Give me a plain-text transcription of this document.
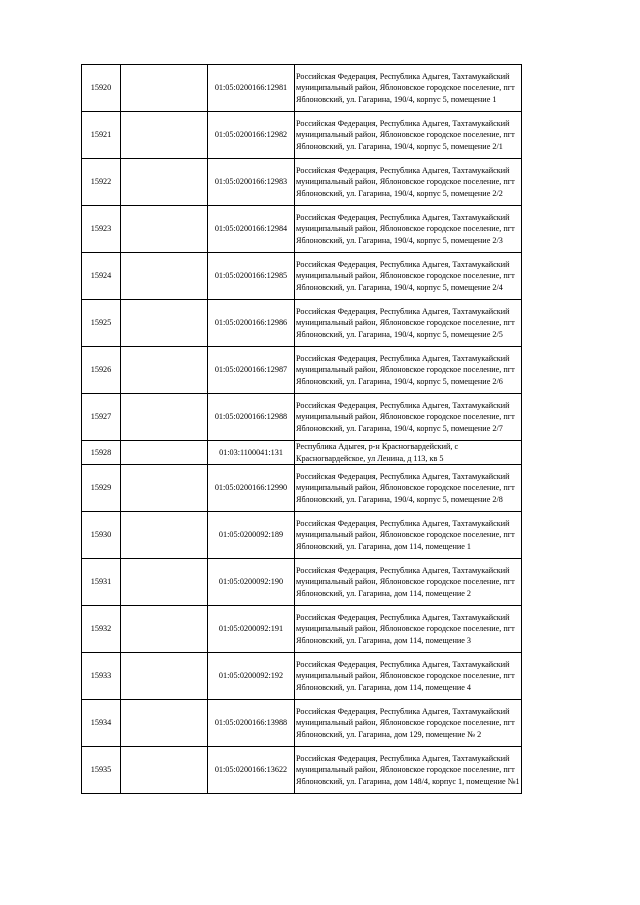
15920		01:05:0200166:12981	Российская Федерация, Республика Адыгея, Тахтамукайский муниципальный район, Яблоновское городское поселение, пгт Яблоновский, ул. Гагарина, 190/4, корпус 5, помещение 1
15921		01:05:0200166:12982	Российская Федерация, Республика Адыгея, Тахтамукайский муниципальный район, Яблоновское городское поселение, пгт Яблоновский, ул. Гагарина, 190/4, корпус 5, помещение 2/1
15922		01:05:0200166:12983	Российская Федерация, Республика Адыгея, Тахтамукайский муниципальный район, Яблоновское городское поселение, пгт Яблоновский, ул. Гагарина, 190/4, корпус 5, помещение 2/2
15923		01:05:0200166:12984	Российская Федерация, Республика Адыгея, Тахтамукайский муниципальный район, Яблоновское городское поселение, пгт Яблоновский, ул. Гагарина, 190/4, корпус 5, помещение 2/3
15924		01:05:0200166:12985	Российская Федерация, Республика Адыгея, Тахтамукайский муниципальный район, Яблоновское городское поселение, пгт Яблоновский, ул. Гагарина, 190/4, корпус 5, помещение 2/4
15925		01:05:0200166:12986	Российская Федерация, Республика Адыгея, Тахтамукайский муниципальный район, Яблоновское городское поселение, пгт Яблоновский, ул. Гагарина, 190/4, корпус 5, помещение 2/5
15926		01:05:0200166:12987	Российская Федерация, Республика Адыгея, Тахтамукайский муниципальный район, Яблоновское городское поселение, пгт Яблоновский, ул. Гагарина, 190/4, корпус 5, помещение 2/6
15927		01:05:0200166:12988	Российская Федерация, Республика Адыгея, Тахтамукайский муниципальный район, Яблоновское городское поселение, пгт Яблоновский, ул. Гагарина, 190/4, корпус 5, помещение 2/7
15928		01:03:1100041:131	Республика Адыгея, р-н Красногвардейский, с Красногвардейское, ул Ленина, д 113, кв 5
15929		01:05:0200166:12990	Российская Федерация, Республика Адыгея, Тахтамукайский муниципальный район, Яблоновское городское поселение, пгт Яблоновский, ул. Гагарина, 190/4, корпус 5, помещение 2/8
15930		01:05:0200092:189	Российская Федерация, Республика Адыгея, Тахтамукайский муниципальный район, Яблоновское городское поселение, пгт Яблоновский, ул. Гагарина, дом 114, помещение 1
15931		01:05:0200092:190	Российская Федерация, Республика Адыгея, Тахтамукайский муниципальный район, Яблоновское городское поселение, пгт Яблоновский, ул. Гагарина, дом 114, помещение 2
15932		01:05:0200092:191	Российская Федерация, Республика Адыгея, Тахтамукайский муниципальный район, Яблоновское городское поселение, пгт Яблоновский, ул. Гагарина, дом 114, помещение 3
15933		01:05:0200092:192	Российская Федерация, Республика Адыгея, Тахтамукайский муниципальный район, Яблоновское городское поселение, пгт Яблоновский, ул. Гагарина, дом 114, помещение 4
15934		01:05:0200166:13988	Российская Федерация, Республика Адыгея, Тахтамукайский муниципальный район, Яблоновское городское поселение, пгт Яблоновский, ул. Гагарина, дом 129, помещение № 2
15935		01:05:0200166:13622	Российская Федерация, Республика Адыгея, Тахтамукайский муниципальный район, Яблоновское городское поселение, пгт Яблоновский, ул. Гагарина, дом 148/4, корпус 1, помещение №1
